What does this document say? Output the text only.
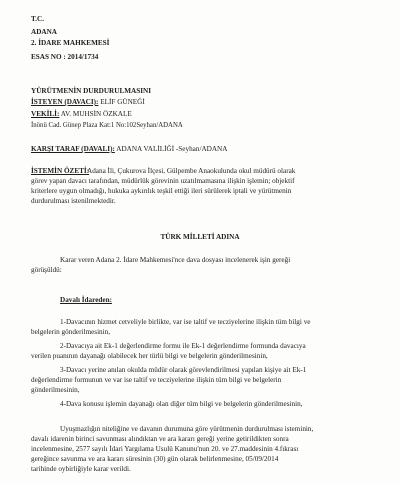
T.C.
ADANA
2. İDARE MAHKEMESİ
ESAS NO : 2014/1734
YÜRÜTMENİN DURDURULMASINI
İSTEYEN (DAVACI): ELİF GÜNEĞİ
VEKİLİ: AV. MUHSİN ÖZKALE
İnönü Cad. Günep Plaza Kat:1 No:102Seyhan/ADANA
KARŞI TARAF (DAVALI): ADANA VALİLİĞİ -Seyhan/ADANA
İSTEMİN ÖZETİ:
Adana İli, Çukurova İlçesi, Gülpembe Anaokulunda okul müdürü olarak
görev yapan davacı tarafından, müdürlük görevinin uzatılmamasına ilişkin işlemin; objektif
kriterlere uygun olmadığı, hukuka aykırılık teşkil ettiği ileri sürülerek iptali ve yürütmenin
durdurulması istenilmektedir.
TÜRK MİLLETİ ADINA
Karar veren Adana 2. İdare Mahkemesi'nce dava dosyası incelenerek işin gereği
görüşüldü:
Davalı İdareden:
1-Davacının hizmet cetveliyle birlikte, var ise taltif ve tecziyelerine ilişkin tüm bilgi ve
belgelerin gönderilmesinin,
2-Davacıya ait Ek-1 değerlendirme formu ile Ek-1 değerlendirme formunda davacıya
verilen puanının dayanağı olabilecek her türlü bilgi ve belgelerin gönderilmesinin,
3-Davacı yerine anılan okulda müdür olarak görevlendirilmesi yapılan kişiye ait Ek-1
değerlendirme formunun ve var ise taltif ve tecziyelerine ilişkin tüm bilgi ve belgelerin
gönderilmesinin,
4-Dava konusu işlemin dayanağı olan diğer tüm bilgi ve belgelerin gönderilmesinin,
Uyuşmazlığın niteliğine ve davanın durumuna göre yürütmenin durdurulması isteminin,
davalı idarenin birinci savunması alındıktan ve ara kararı gereği yerine getirildikten sonra
incelenmesine, 2577 sayılı İdari Yargılama Usulü Kanunu'nun 20. ve 27.maddesinin 4.fıkrası
gereğince savunma ve ara kararı süresinin (30) gün olarak belirlenmesine, 05/09/2014
tarihinde oybirliğiyle karar verildi.
